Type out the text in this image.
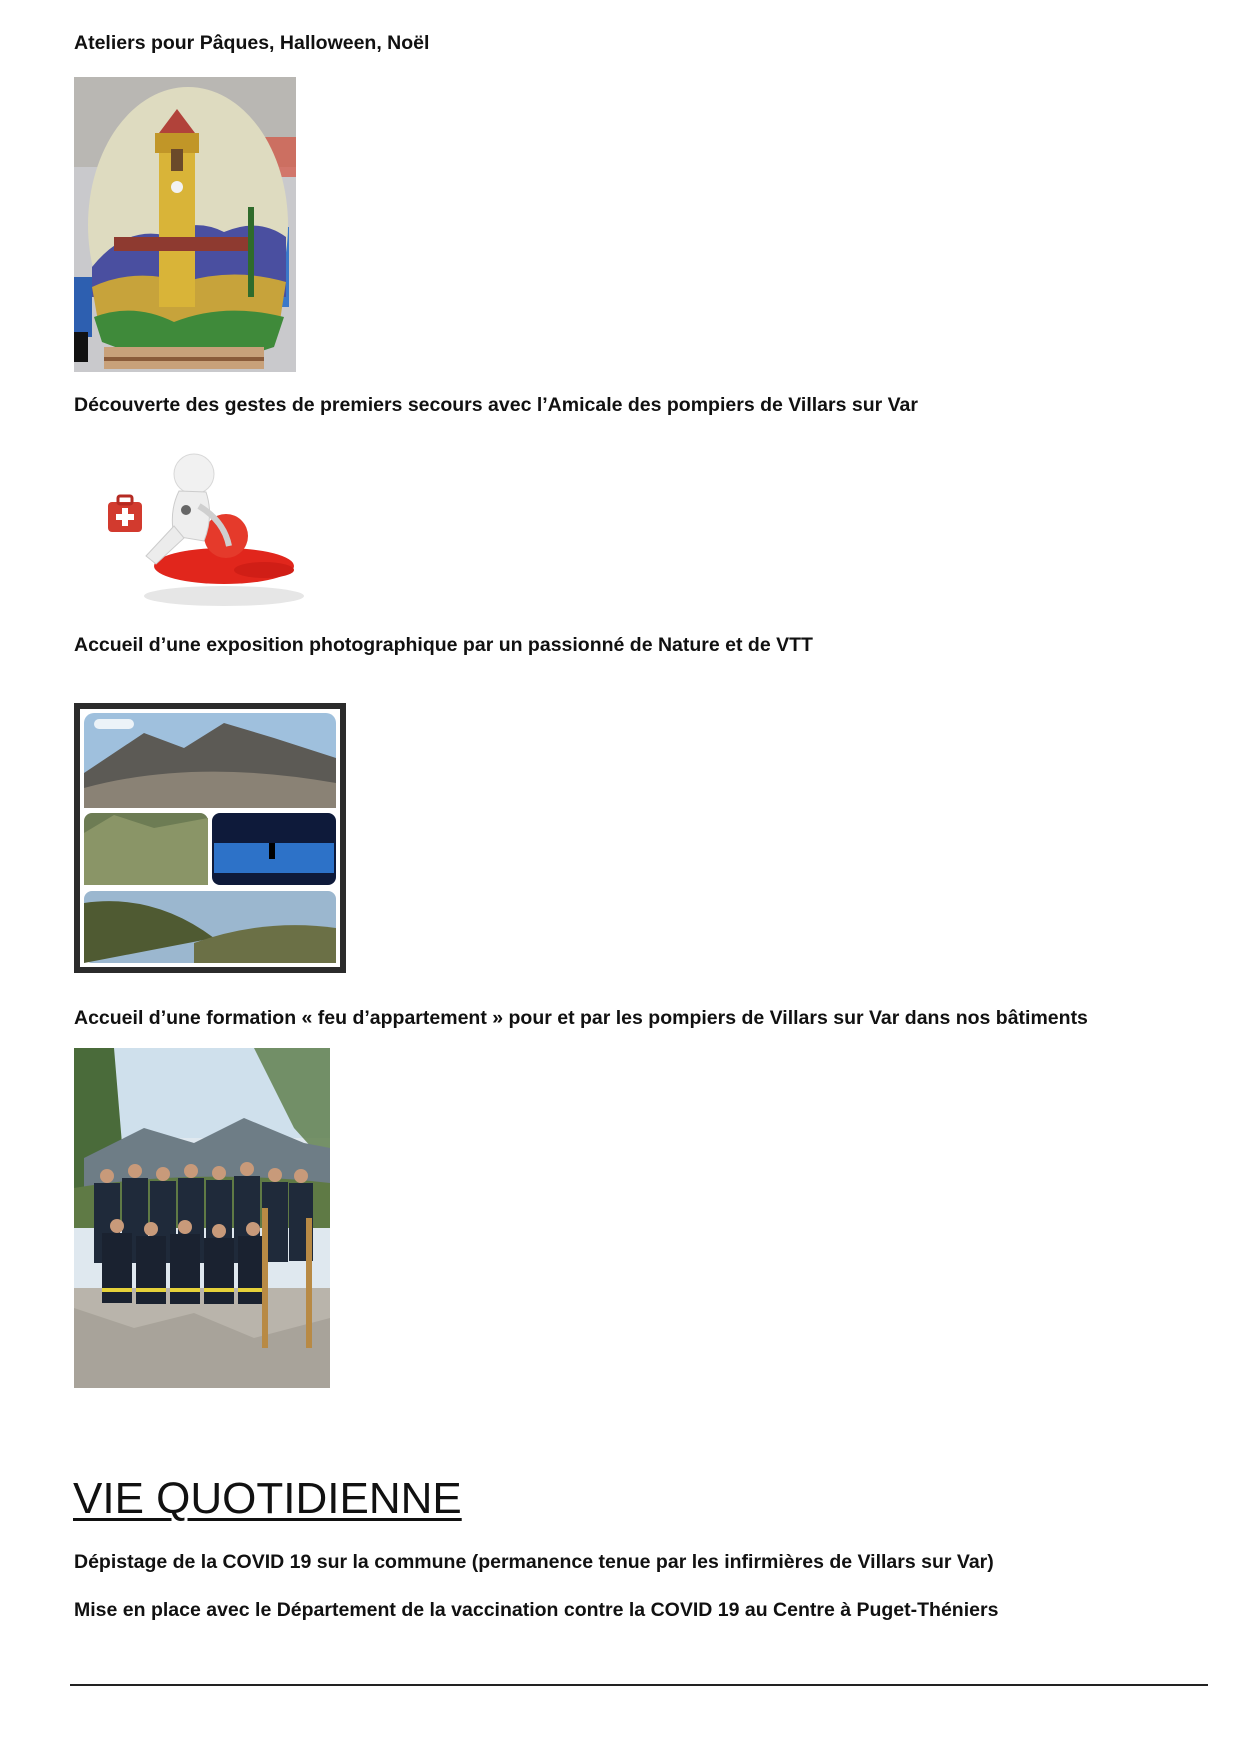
Ateliers pour Pâques, Halloween, Noël
Découverte des gestes de premiers secours avec l’Amicale des pompiers de Villars sur Var
Accueil d’une exposition photographique par un passionné de Nature et de VTT
Accueil d’une formation « feu d’appartement » pour et par les pompiers de Villars sur Var dans nos bâtiments
VIE QUOTIDIENNE
Dépistage de la COVID 19 sur la commune (permanence tenue par les infirmières de Villars sur Var)
Mise en place avec le Département de la vaccination contre la COVID 19 au Centre à Puget-Théniers
